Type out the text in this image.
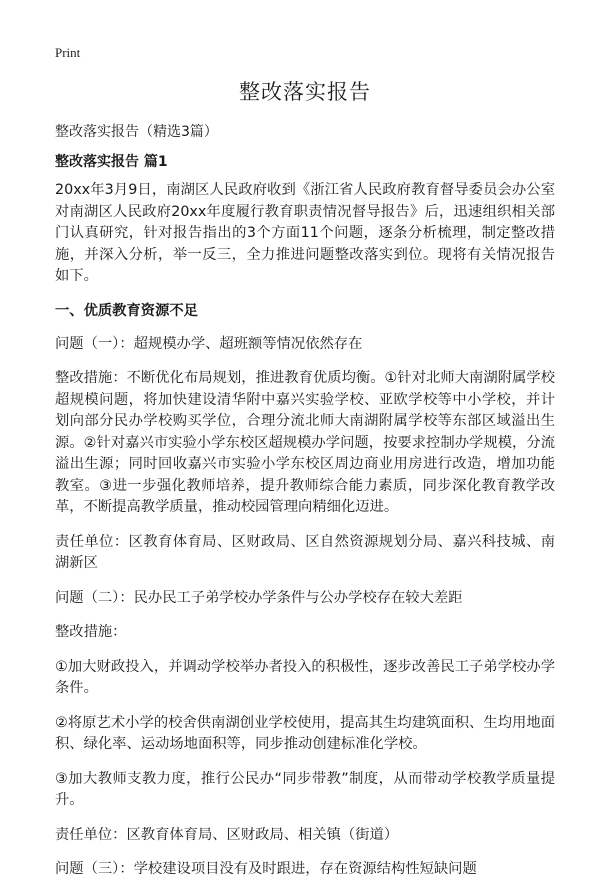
Print
整改落实报告
整改落实报告（精选3篇）
整改落实报告 篇1

20xx年3月9日，南湖区人民政府收到《浙江省人民政府教育督导委员会办公室对南湖区人民政府20xx年度履行教育职责情况督导报告》后，迅速组织相关部门认真研究，针对报告指出的3个方面11个问题，逐条分析梳理，制定整改措施，并深入分析，举一反三，全力推进问题整改落实到位。现将有关情况报告如下。

一、优质教育资源不足

问题（一）：超规模办学、超班额等情况依然存在

整改措施：不断优化布局规划，推进教育优质均衡。①针对北师大南湖附属学校超规模问题，将加快建设清华附中嘉兴实验学校、亚欧学校等中小学校，并计划向部分民办学校购买学位，合理分流北师大南湖附属学校等东部区域溢出生源。②针对嘉兴市实验小学东校区超规模办学问题，按要求控制办学规模，分流溢出生源；同时回收嘉兴市实验小学东校区周边商业用房进行改造，增加功能教室。③进一步强化教师培养，提升教师综合能力素质，同步深化教育教学改革，不断提高教学质量，推动校园管理向精细化迈进。

责任单位：区教育体育局、区财政局、区自然资源规划分局、嘉兴科技城、南湖新区

问题（二）：民办民工子弟学校办学条件与公办学校存在较大差距

整改措施：

①加大财政投入，并调动学校举办者投入的积极性，逐步改善民工子弟学校办学条件。

②将原艺术小学的校舍供南湖创业学校使用，提高其生均建筑面积、生均用地面积、绿化率、运动场地面积等，同步推动创建标准化学校。

③加大教师支教力度，推行公民办“同步带教”制度，从而带动学校教学质量提升。

责任单位：区教育体育局、区财政局、相关镇（街道）

问题（三）：学校建设项目没有及时跟进，存在资源结构性短缺问题
